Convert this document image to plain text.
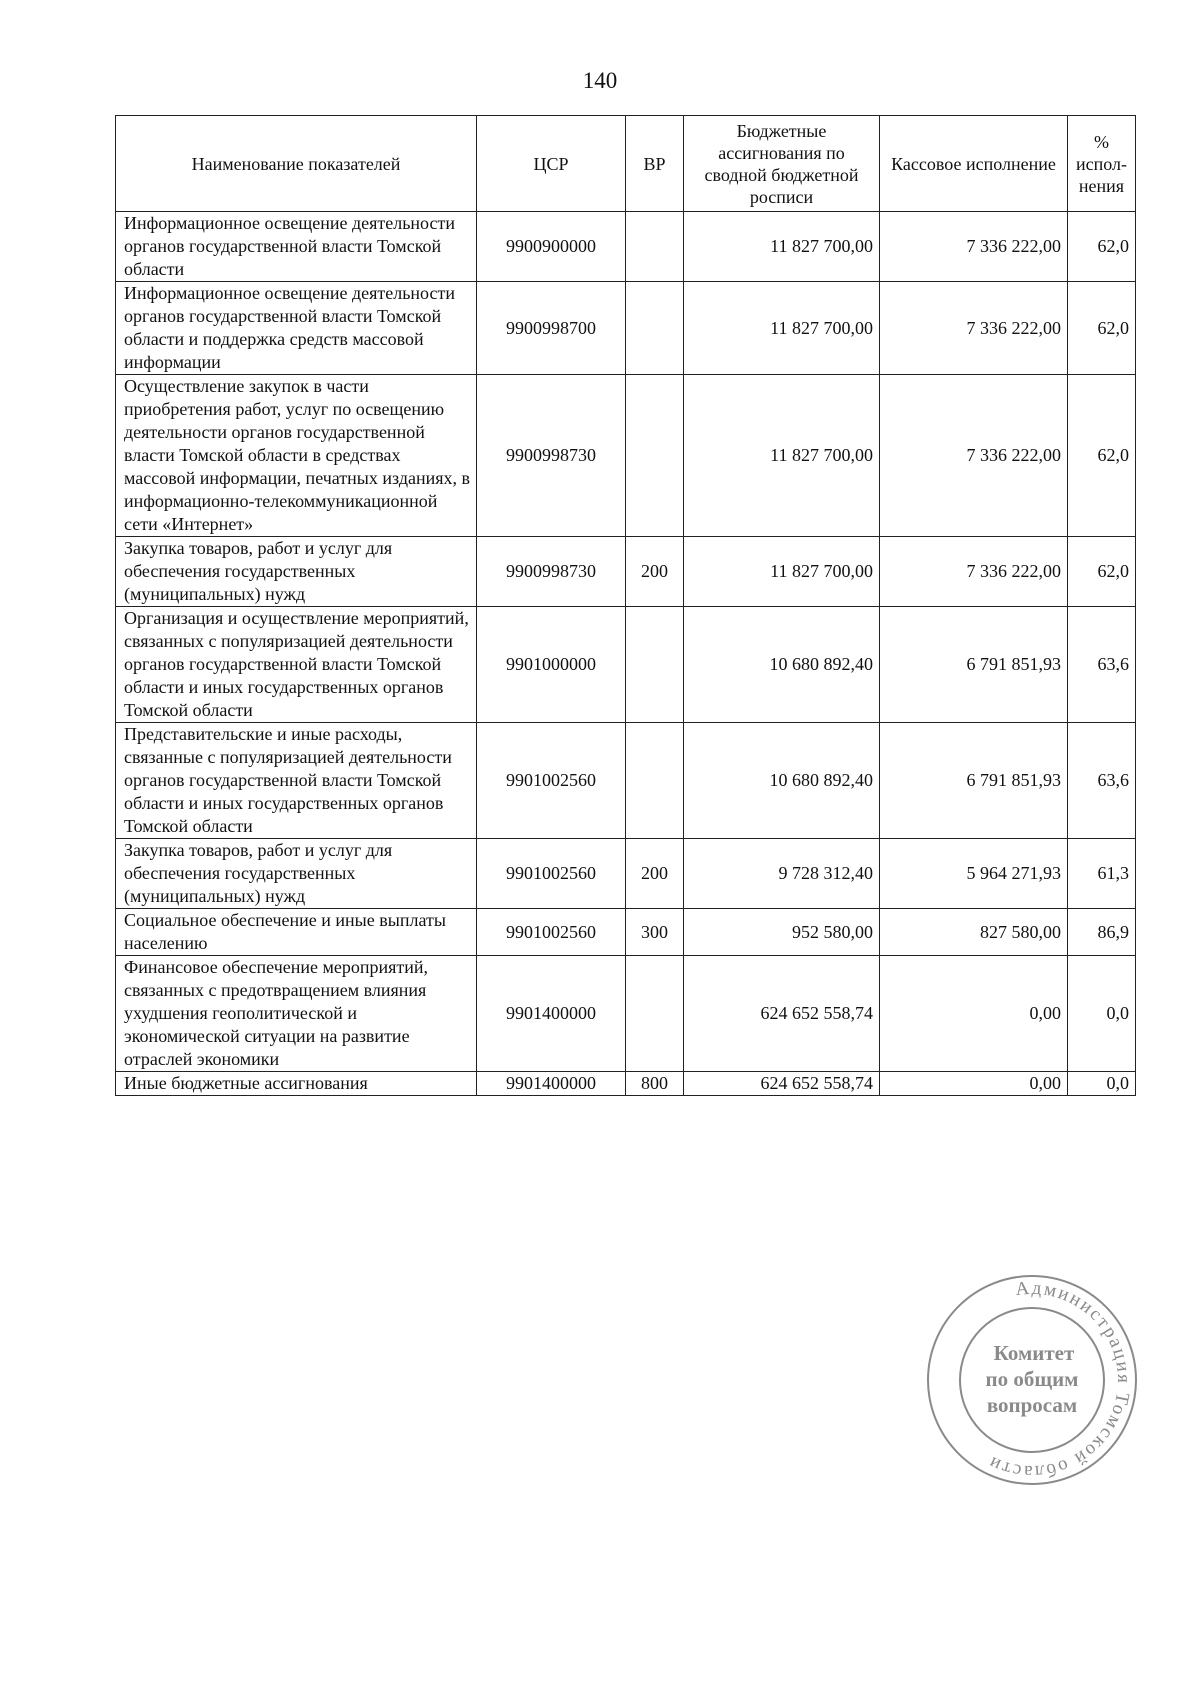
140
Наименование показателей	ЦСР	ВР	Бюджетные ассигнования по сводной бюджетной росписи	Кассовое исполнение	% испол-нения
Информационное освещение деятельности органов государственной власти Томской области	9900900000		11 827 700,00	7 336 222,00	62,0
Информационное освещение деятельности органов государственной власти Томской области и поддержка средств массовой информации	9900998700		11 827 700,00	7 336 222,00	62,0
Осуществление закупок в части приобретения работ, услуг по освещению деятельности органов государственной власти Томской области в средствах массовой информации, печатных изданиях, в информационно-телекоммуникационной сети «Интернет»	9900998730		11 827 700,00	7 336 222,00	62,0
Закупка товаров, работ и услуг для обеспечения государственных (муниципальных) нужд	9900998730	200	11 827 700,00	7 336 222,00	62,0
Организация и осуществление мероприятий, связанных с популяризацией деятельности органов государственной власти Томской области и иных государственных органов Томской области	9901000000		10 680 892,40	6 791 851,93	63,6
Представительские и иные расходы, связанные с популяризацией деятельности органов государственной власти Томской области и иных государственных органов Томской области	9901002560		10 680 892,40	6 791 851,93	63,6
Закупка товаров, работ и услуг для обеспечения государственных (муниципальных) нужд	9901002560	200	9 728 312,40	5 964 271,93	61,3
Социальное обеспечение и иные выплаты населению	9901002560	300	952 580,00	827 580,00	86,9
Финансовое обеспечение мероприятий, связанных с предотвращением влияния ухудшения геополитической и экономической ситуации на развитие отраслей экономики	9901400000		624 652 558,74	0,00	0,0
Иные бюджетные ассигнования	9901400000	800	624 652 558,74	0,00	0,0
Администрация Томской области
Комитет
по общим
вопросам
